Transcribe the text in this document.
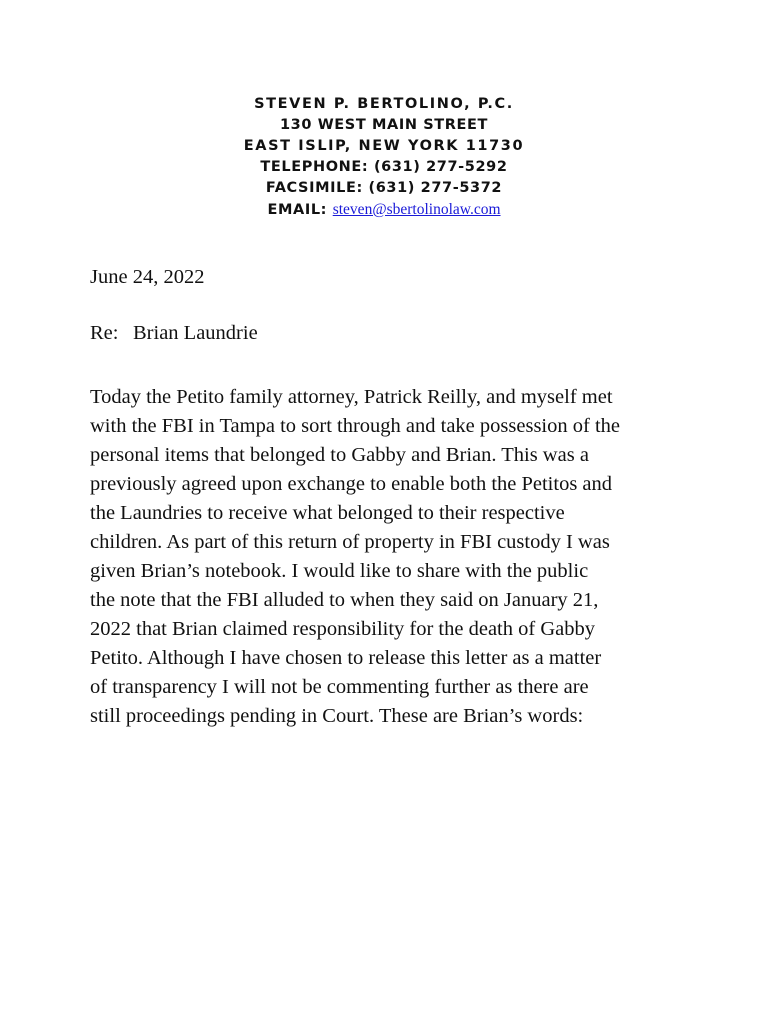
STEVEN P. BERTOLINO, P.C.
130 WEST MAIN STREET
EAST ISLIP, NEW YORK 11730
TELEPHONE: (631) 277-5292
FACSIMILE: (631) 277-5372
EMAIL: steven@sbertolinolaw.com
June 24, 2022
Re: Brian Laundrie
Today the Petito family attorney, Patrick Reilly, and myself met
with the FBI in Tampa to sort through and take possession of the
personal items that belonged to Gabby and Brian. This was a
previously agreed upon exchange to enable both the Petitos and
the Laundries to receive what belonged to their respective
children. As part of this return of property in FBI custody I was
given Brian’s notebook. I would like to share with the public
the note that the FBI alluded to when they said on January 21,
2022 that Brian claimed responsibility for the death of Gabby
Petito. Although I have chosen to release this letter as a matter
of transparency I will not be commenting further as there are
still proceedings pending in Court. These are Brian’s words:
